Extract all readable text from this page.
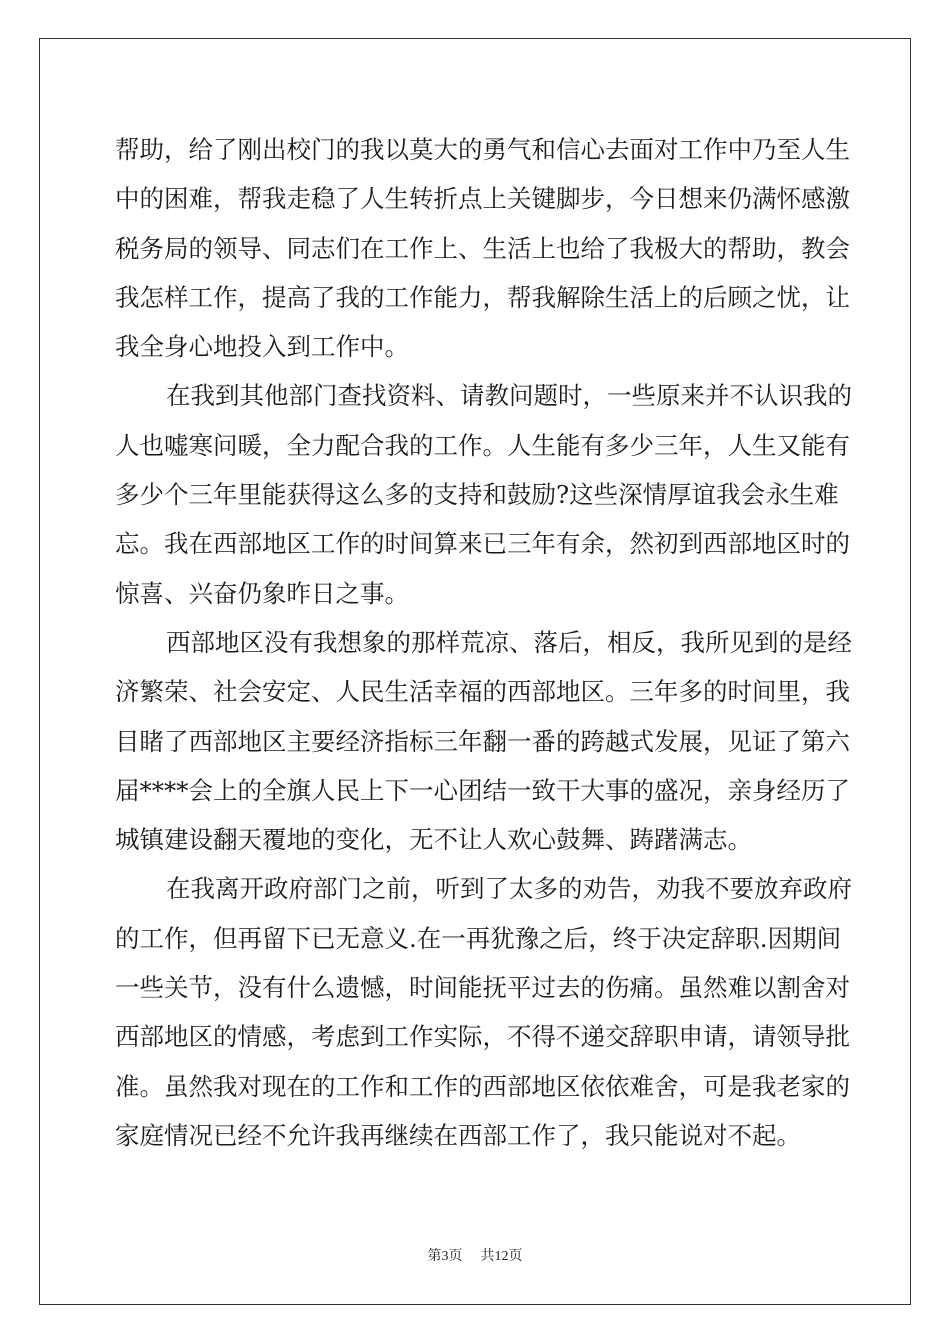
帮助，给了刚出校门的我以莫大的勇气和信心去面对工作中乃至人生
中的困难，帮我走稳了人生转折点上关键脚步，今日想来仍满怀感激
税务局的领导、同志们在工作上、生活上也给了我极大的帮助，教会
我怎样工作，提高了我的工作能力，帮我解除生活上的后顾之忧，让
我全身心地投入到工作中。
在我到其他部门查找资料、请教问题时，一些原来并不认识我的
人也嘘寒问暖，全力配合我的工作。人生能有多少三年，人生又能有
多少个三年里能获得这么多的支持和鼓励?这些深情厚谊我会永生难
忘。我在西部地区工作的时间算来已三年有余，然初到西部地区时的
惊喜、兴奋仍象昨日之事。
西部地区没有我想象的那样荒凉、落后，相反，我所见到的是经
济繁荣、社会安定、人民生活幸福的西部地区。三年多的时间里，我
目睹了西部地区主要经济指标三年翻一番的跨越式发展，见证了第六
届****会上的全旗人民上下一心团结一致干大事的盛况，亲身经历了
城镇建设翻天覆地的变化，无不让人欢心鼓舞、踌躇满志。
在我离开政府部门之前，听到了太多的劝告，劝我不要放弃政府
的工作，但再留下已无意义.在一再犹豫之后，终于决定辞职.因期间
一些关节，没有什么遗憾，时间能抚平过去的伤痛。虽然难以割舍对
西部地区的情感，考虑到工作实际，不得不递交辞职申请，请领导批
准。虽然我对现在的工作和工作的西部地区依依难舍，可是我老家的
家庭情况已经不允许我再继续在西部工作了，我只能说对不起。
第3页 共12页
